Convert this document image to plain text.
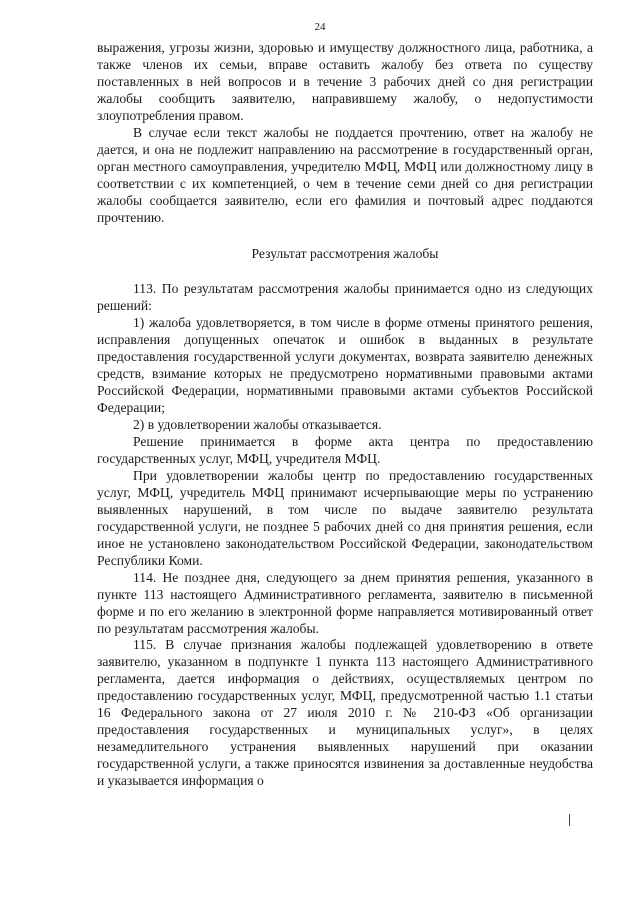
24

выражения, угрозы жизни, здоровью и имуществу должностного лица, работника, а также членов их семьи, вправе оставить жалобу без ответа по существу поставленных в ней вопросов и в течение 3 рабочих дней со дня регистрации жалобы сообщить заявителю, направившему жалобу, о недопустимости злоупотребления правом.

В случае если текст жалобы не поддается прочтению, ответ на жалобу не дается, и она не подлежит направлению на рассмотрение в государственный орган, орган местного самоуправления, учредителю МФЦ, МФЦ или должностному лицу в соответствии с их компетенцией, о чем в течение семи дней со дня регистрации жалобы сообщается заявителю, если его фамилия и почтовый адрес поддаются прочтению.

Результат рассмотрения жалобы

113. По результатам рассмотрения жалобы принимается одно из следующих решений:

1) жалоба удовлетворяется, в том числе в форме отмены принятого решения, исправления допущенных опечаток и ошибок в выданных в результате предоставления государственной услуги документах, возврата заявителю денежных средств, взимание которых не предусмотрено нормативными правовыми актами Российской Федерации, нормативными правовыми актами субъектов Российской Федерации;

2) в удовлетворении жалобы отказывается.

Решение принимается в форме акта центра по предоставлению государственных услуг, МФЦ, учредителя МФЦ.

При удовлетворении жалобы центр по предоставлению государственных услуг, МФЦ, учредитель МФЦ принимают исчерпывающие меры по устранению выявленных нарушений, в том числе по выдаче заявителю результата государственной услуги, не позднее 5 рабочих дней со дня принятия решения, если иное не установлено законодательством Российской Федерации, законодательством Республики Коми.

114. Не позднее дня, следующего за днем принятия решения, указанного в пункте 113 настоящего Административного регламента, заявителю в письменной форме и по его желанию в электронной форме направляется мотивированный ответ по результатам рассмотрения жалобы.

115. В случае признания жалобы подлежащей удовлетворению в ответе заявителю, указанном в подпункте 1 пункта 113 настоящего Административного регламента, дается информация о действиях, осуществляемых центром по предоставлению государственных услуг, МФЦ, предусмотренной частью 1.1 статьи 16 Федерального закона от 27 июля 2010 г. № 210-ФЗ «Об организации предоставления государственных и муниципальных услуг», в целях незамедлительного устранения выявленных нарушений при оказании государственной услуги, а также приносятся извинения за доставленные неудобства и указывается информация о
